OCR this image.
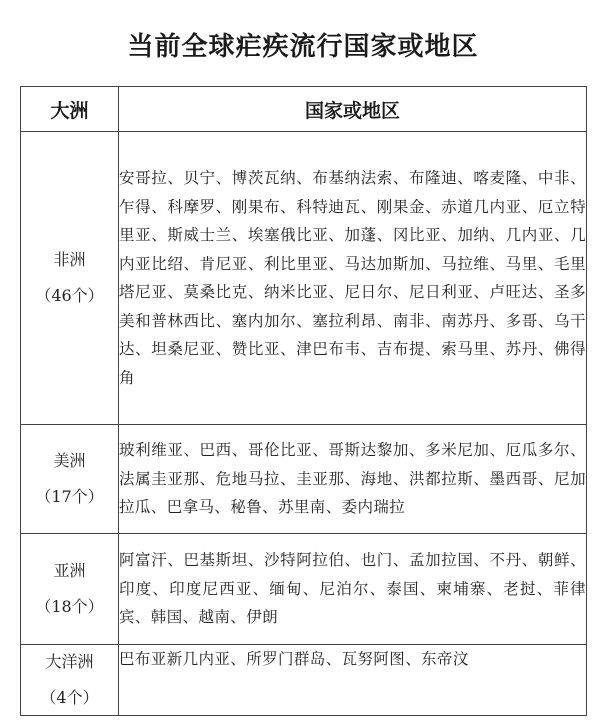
当前全球疟疾流行国家或地区
大洲	国家或地区

非洲
（46个）	安哥拉、贝宁、博茨瓦纳、布基纳法索、布隆迪、喀麦隆、中非、乍得、科摩罗、刚果布、科特迪瓦、刚果金、赤道几内亚、厄立特里亚、斯威士兰、埃塞俄比亚、加蓬、冈比亚、加纳、几内亚、几内亚比绍、肯尼亚、利比里亚、马达加斯加、马拉维、马里、毛里塔尼亚、莫桑比克、纳米比亚、尼日尔、尼日利亚、卢旺达、圣多美和普林西比、塞内加尔、塞拉利昂、南非、南苏丹、多哥、乌干达、坦桑尼亚、赞比亚、津巴布韦、吉布提、索马里、苏丹、佛得角

美洲
（17个）	玻利维亚、巴西、哥伦比亚、哥斯达黎加、多米尼加、厄瓜多尔、法属圭亚那、危地马拉、圭亚那、海地、洪都拉斯、墨西哥、尼加拉瓜、巴拿马、秘鲁、苏里南、委内瑞拉

亚洲
（18个）	阿富汗、巴基斯坦、沙特阿拉伯、也门、孟加拉国、不丹、朝鲜、印度、印度尼西亚、缅甸、尼泊尔、泰国、柬埔寨、老挝、菲律宾、韩国、越南、伊朗

大洋洲
（4个）	巴布亚新几内亚、所罗门群岛、瓦努阿图、东帝汶
